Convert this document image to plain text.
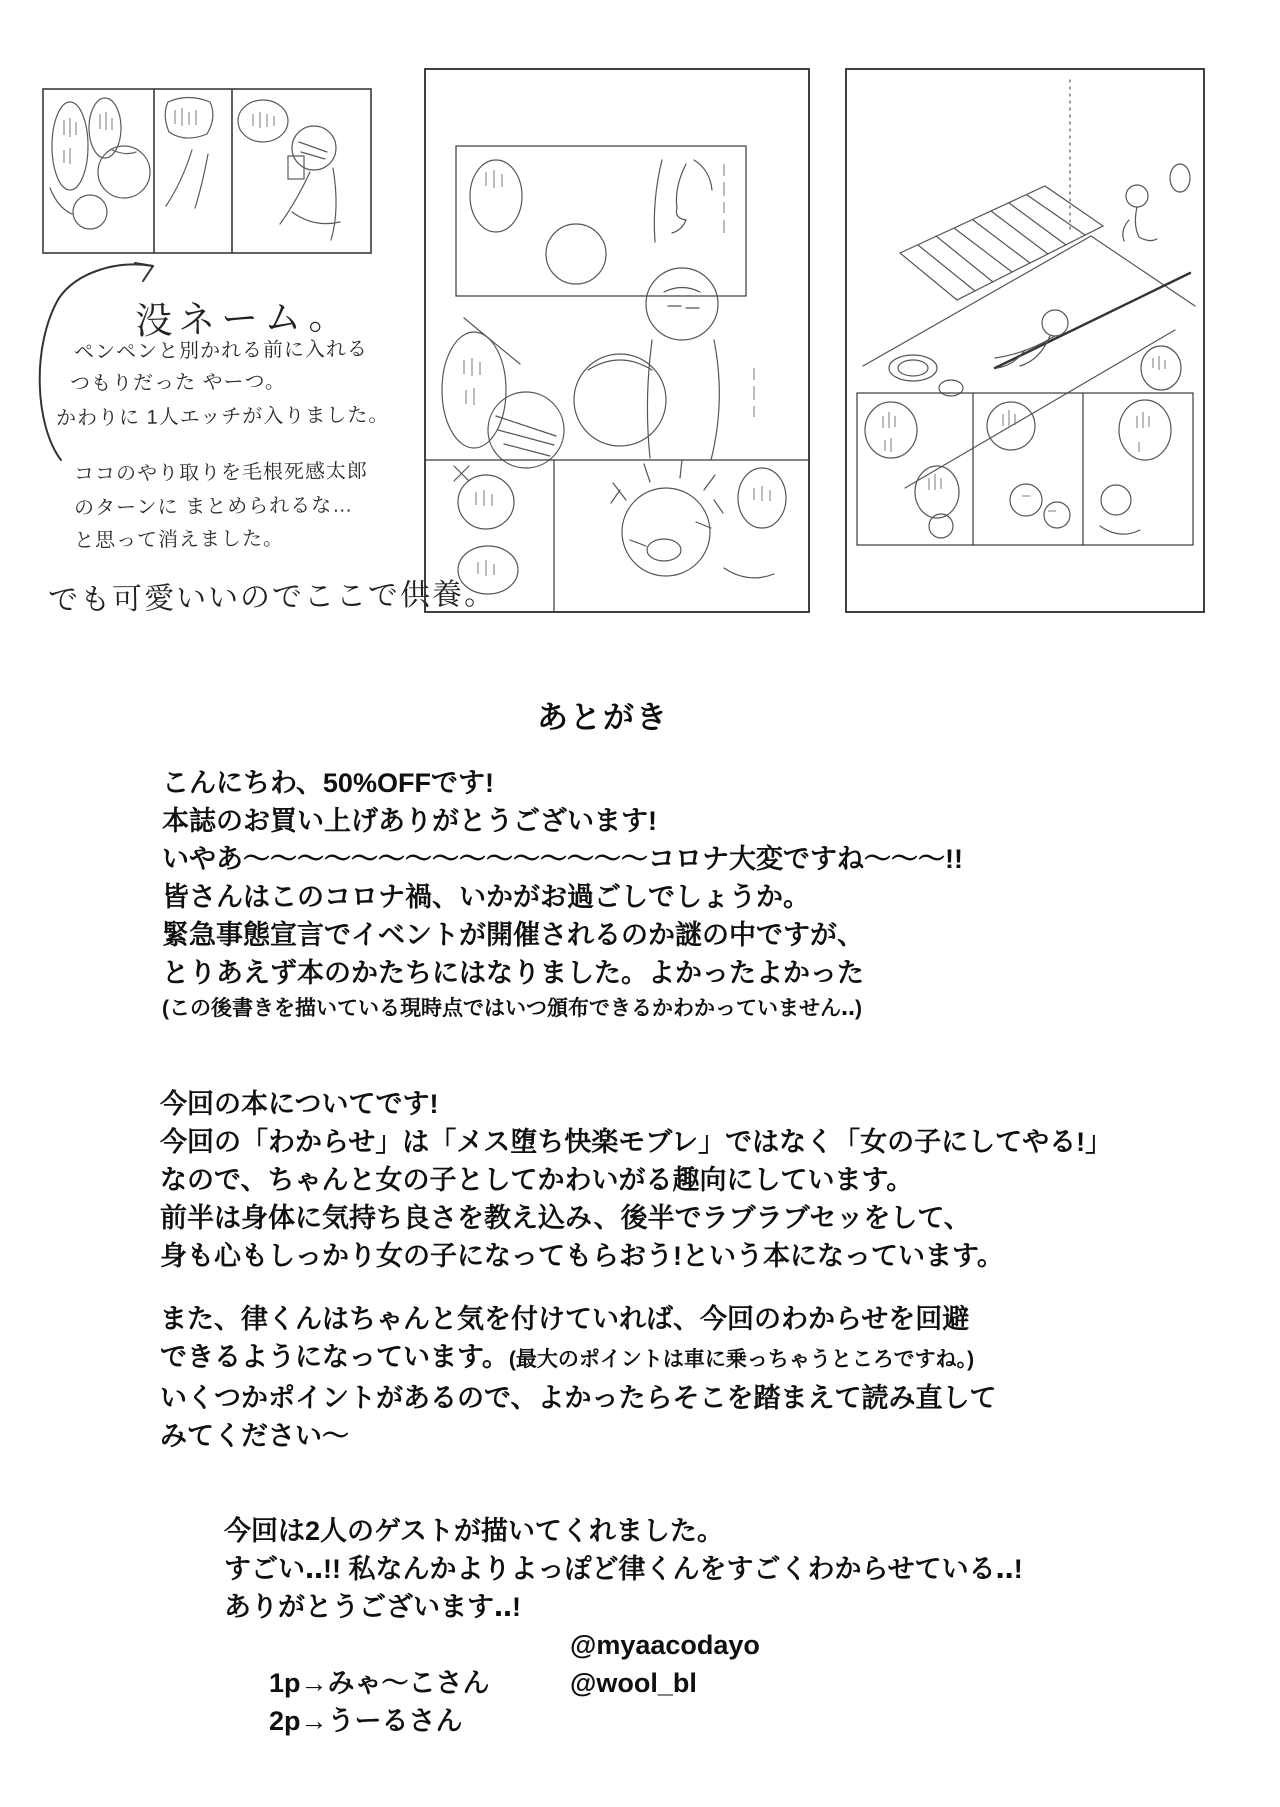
没ネーム。
ペンペンと別かれる前に入れる
つもりだった やーつ。
かわりに 1人エッチが入りました。
ココのやり取りを毛根死感太郎
のターンに まとめられるな…
と思って消えました。
でも可愛いいのでここで供養。
あとがき
こんにちわ、50%OFFです!
本誌のお買い上げありがとうございます!
いやあ〜〜〜〜〜〜〜〜〜〜〜〜〜〜〜コロナ大変ですね〜〜〜!!
皆さんはこのコロナ禍、いかがお過ごしでしょうか。
緊急事態宣言でイベントが開催されるのか謎の中ですが、
とりあえず本のかたちにはなりました。よかったよかった
(この後書きを描いている現時点ではいつ頒布できるかわかっていません‥)
今回の本についてです!
今回の「わからせ」は「メス堕ち快楽モブレ」ではなく「女の子にしてやる!」
なので、ちゃんと女の子としてかわいがる趣向にしています。
前半は身体に気持ち良さを教え込み、後半でラブラブセッをして、
身も心もしっかり女の子になってもらおう!という本になっています。
また、律くんはちゃんと気を付けていれば、今回のわからせを回避
できるようになっています。(最大のポイントは車に乗っちゃうところですね。)
いくつかポイントがあるので、よかったらそこを踏まえて読み直して
みてください〜
今回は2人のゲストが描いてくれました。
すごい‥!! 私なんかよりよっぽど律くんをすごくわからせている‥!
ありがとうございます‥!

1p→みゃ〜こさん

@myaacodayo

2p→うーるさん

@wool_bl
